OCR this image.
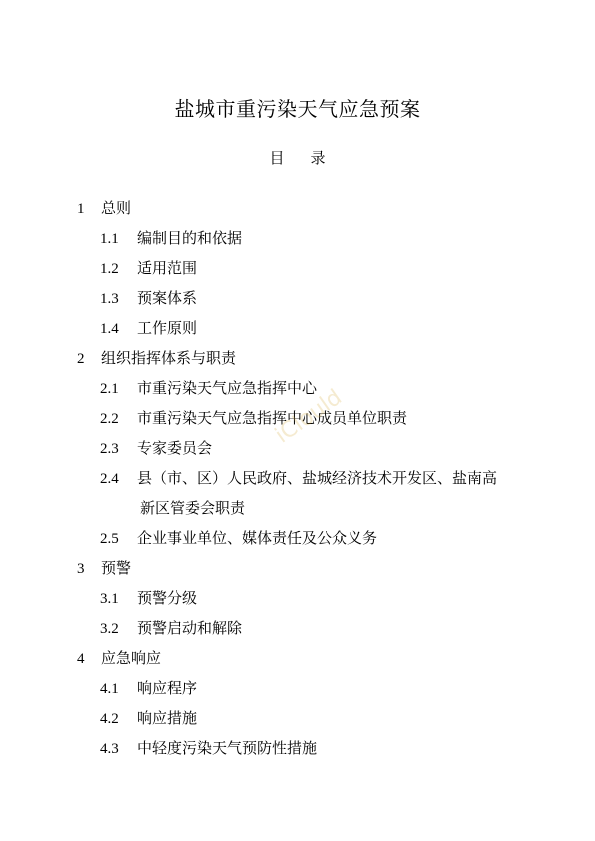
盐城市重污染天气应急预案
目 录
1 总则
1.1 编制目的和依据
1.2 适用范围
1.3 预案体系
1.4 工作原则
2 组织指挥体系与职责
2.1 市重污染天气应急指挥中心
2.2 市重污染天气应急指挥中心成员单位职责
2.3 专家委员会
2.4 县（市、区）人民政府、盐城经济技术开发区、盐南高
新区管委会职责
2.5 企业事业单位、媒体责任及公众义务
3 预警
3.1 预警分级
3.2 预警启动和解除
4 应急响应
4.1 响应程序
4.2 响应措施
4.3 中轻度污染天气预防性措施
iClould
